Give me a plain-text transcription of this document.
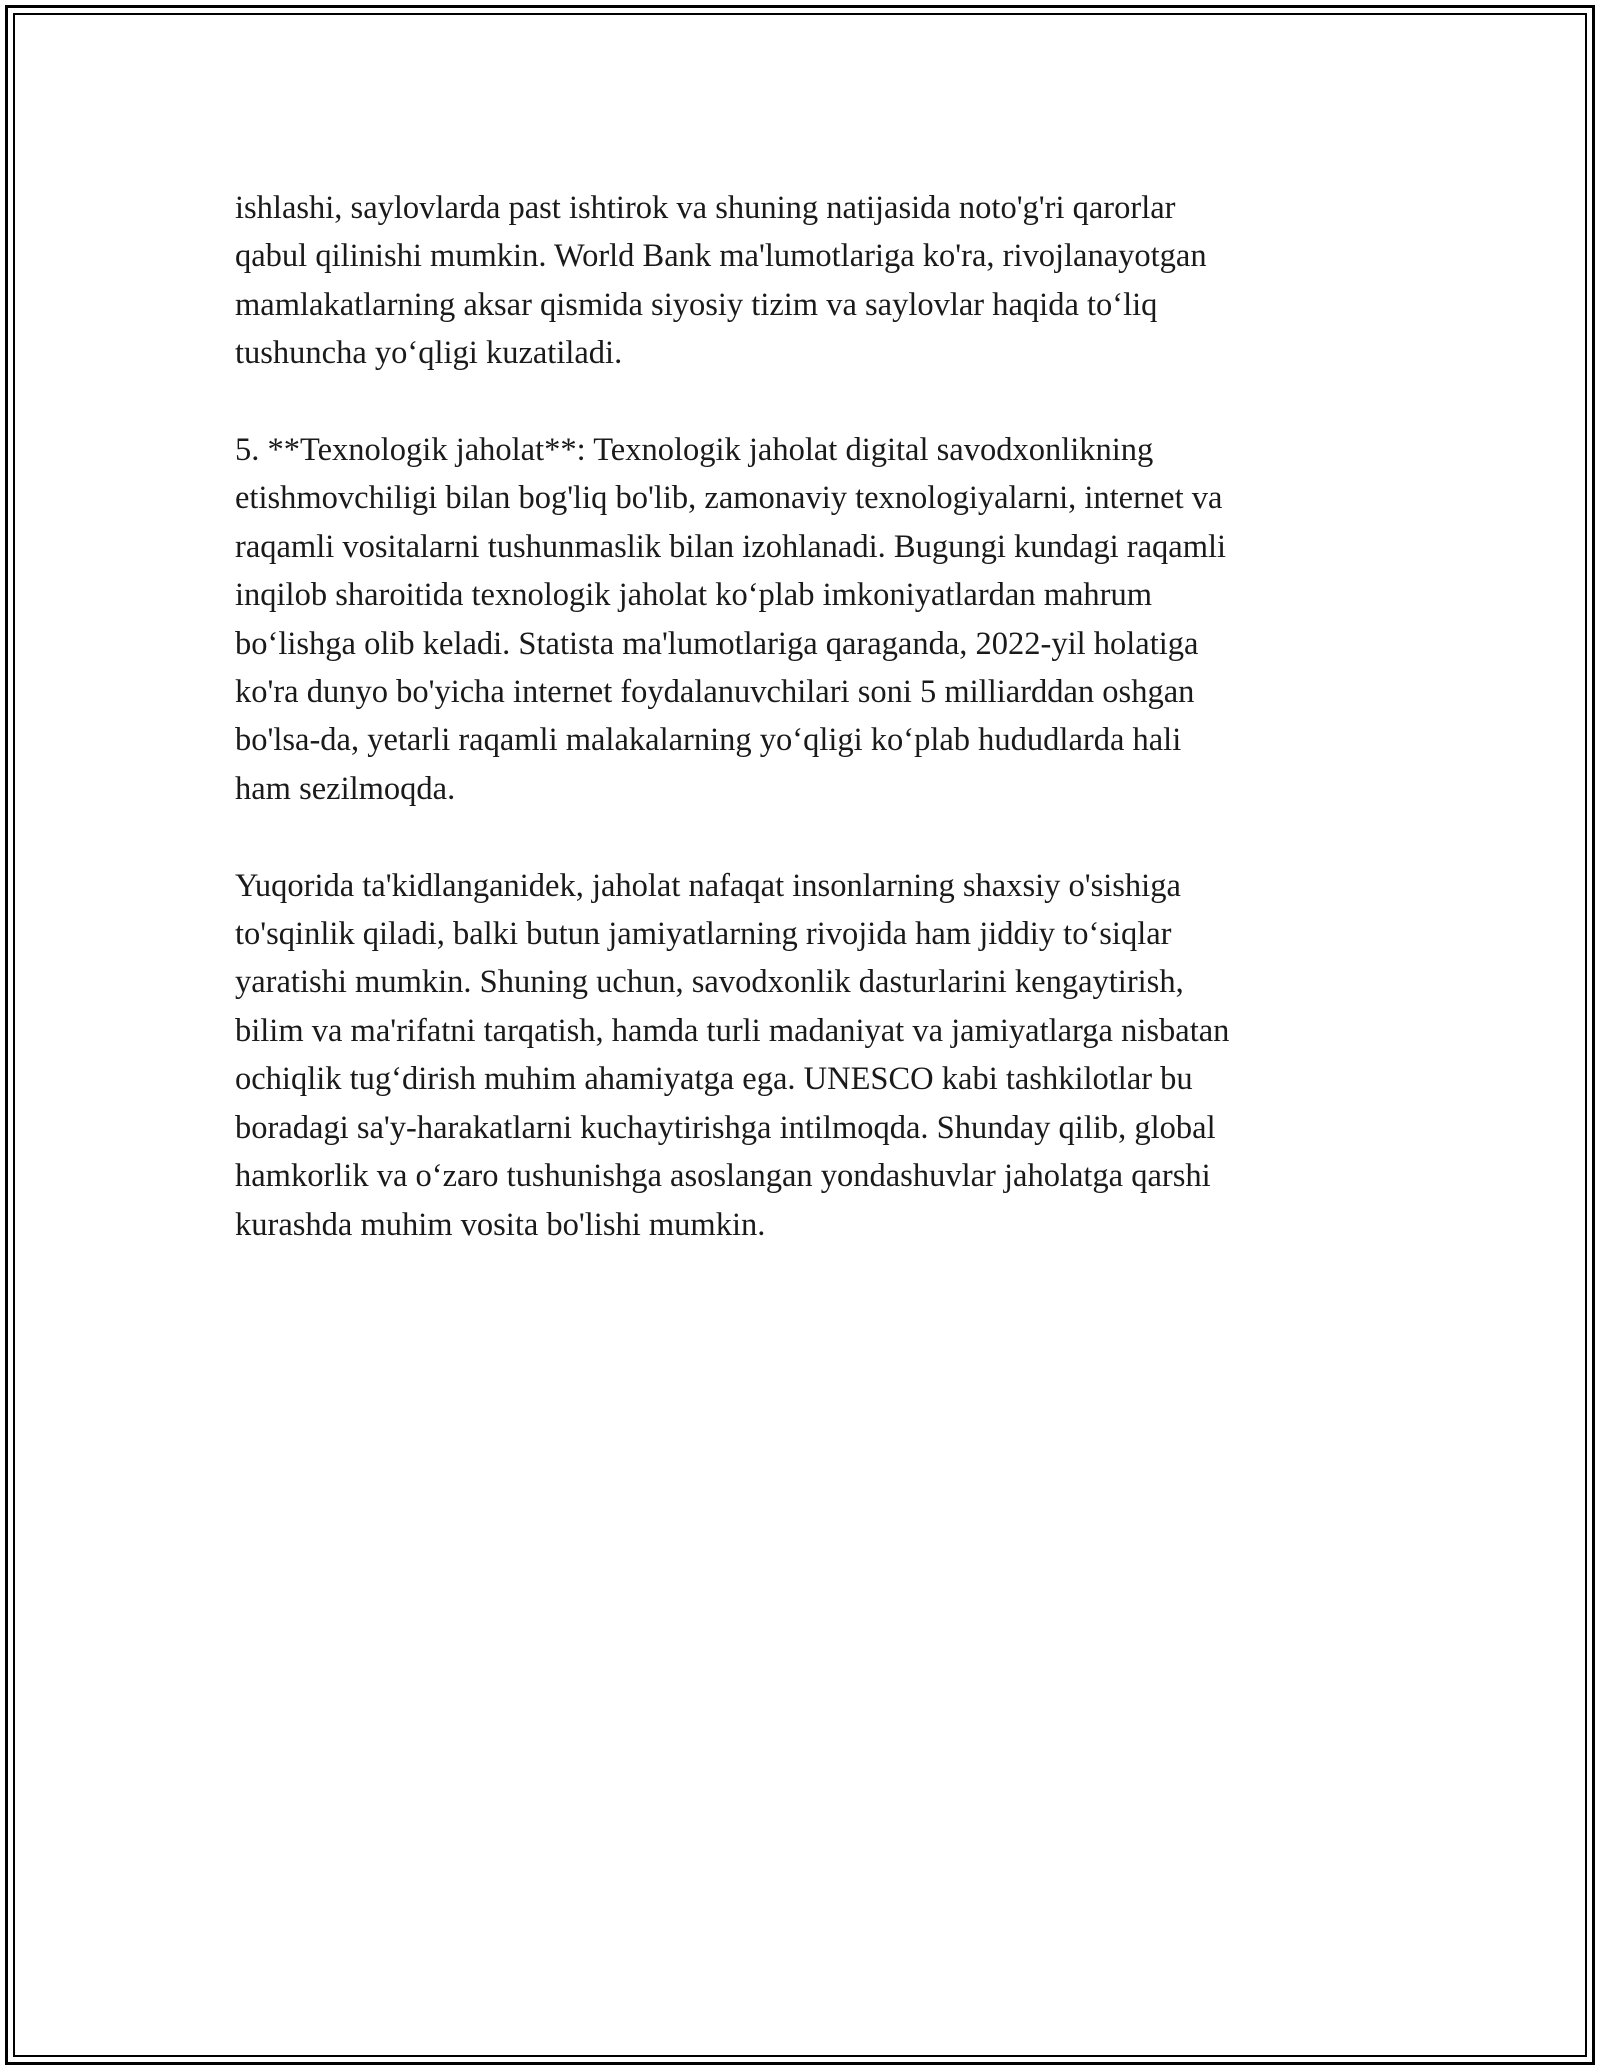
ishlashi, saylovlarda past ishtirok va shuning natijasida noto'g'ri qarorlar
qabul qilinishi mumkin. World Bank ma'lumotlariga ko'ra, rivojlanayotgan
mamlakatlarning aksar qismida siyosiy tizim va saylovlar haqida to‘liq
tushuncha yo‘qligi kuzatiladi.

5. **Texnologik jaholat**: Texnologik jaholat digital savodxonlikning
etishmovchiligi bilan bog'liq bo'lib, zamonaviy texnologiyalarni, internet va
raqamli vositalarni tushunmaslik bilan izohlanadi. Bugungi kundagi raqamli
inqilob sharoitida texnologik jaholat ko‘plab imkoniyatlardan mahrum
bo‘lishga olib keladi. Statista ma'lumotlariga qaraganda, 2022-yil holatiga
ko'ra dunyo bo'yicha internet foydalanuvchilari soni 5 milliarddan oshgan
bo'lsa-da, yetarli raqamli malakalarning yo‘qligi ko‘plab hududlarda hali
ham sezilmoqda.

Yuqorida ta'kidlanganidek, jaholat nafaqat insonlarning shaxsiy o'sishiga
to'sqinlik qiladi, balki butun jamiyatlarning rivojida ham jiddiy to‘siqlar
yaratishi mumkin. Shuning uchun, savodxonlik dasturlarini kengaytirish,
bilim va ma'rifatni tarqatish, hamda turli madaniyat va jamiyatlarga nisbatan
ochiqlik tug‘dirish muhim ahamiyatga ega. UNESCO kabi tashkilotlar bu
boradagi sa'y-harakatlarni kuchaytirishga intilmoqda. Shunday qilib, global
hamkorlik va o‘zaro tushunishga asoslangan yondashuvlar jaholatga qarshi
kurashda muhim vosita bo'lishi mumkin.
